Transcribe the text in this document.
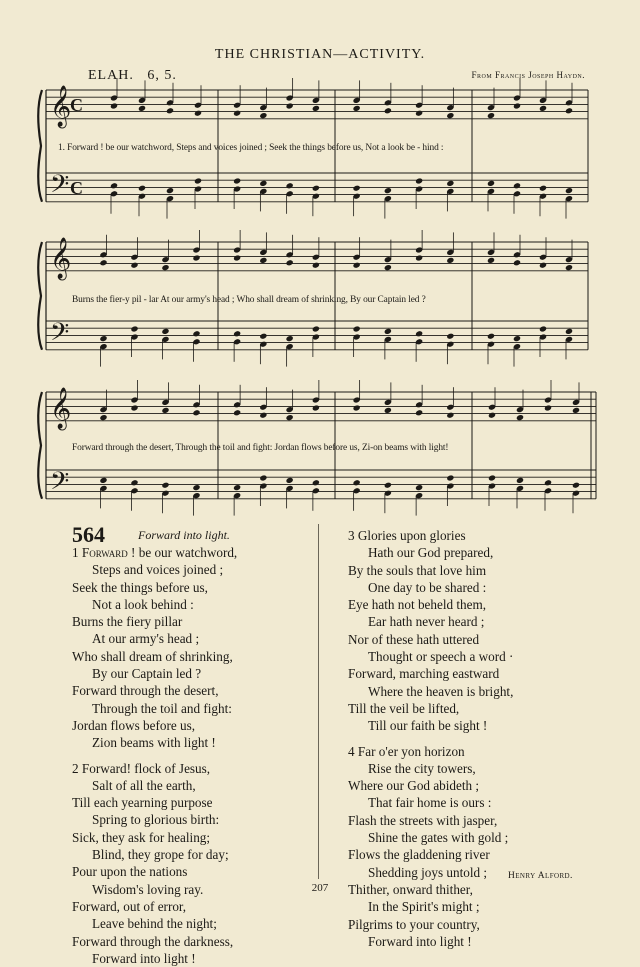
THE CHRISTIAN—ACTIVITY.
ELAH. 6, 5.	From Francis Joseph Haydn.
𝄞
𝄢
C
C
𝄞
𝄢
𝄞
𝄢
1. Forward ! be our watchword, Steps and voices joined ; Seek the things before us, Not a look be - hind :
Burns the fier-y pil - lar At our army's head ; Who shall dream of shrinking, By our Captain led ?
Forward through the desert, Through the toil and fight: Jordan flows before us, Zi-on beams with light!
564	Forward into light.
1 Forward ! be our watchword,
Steps and voices joined ;
Seek the things before us,
Not a look behind :
Burns the fiery pillar
At our army's head ;
Who shall dream of shrinking,
By our Captain led ?
Forward through the desert,
Through the toil and fight:
Jordan flows before us,
Zion beams with light !
2 Forward! flock of Jesus,
Salt of all the earth,
Till each yearning purpose
Spring to glorious birth:
Sick, they ask for healing;
Blind, they grope for day;
Pour upon the nations
Wisdom's loving ray.
Forward, out of error,
Leave behind the night;
Forward through the darkness,
Forward into light !
3 Glories upon glories
Hath our God prepared,
By the souls that love him
One day to be shared :
Eye hath not beheld them,
Ear hath never heard ;
Nor of these hath uttered
Thought or speech a word ·
Forward, marching eastward
Where the heaven is bright,
Till the veil be lifted,
Till our faith be sight !
4 Far o'er yon horizon
Rise the city towers,
Where our God abideth ;
That fair home is ours :
Flash the streets with jasper,
Shine the gates with gold ;
Flows the gladdening river
Shedding joys untold ;
Thither, onward thither,
In the Spirit's might ;
Pilgrims to your country,
Forward into light !
Henry Alford.
207
